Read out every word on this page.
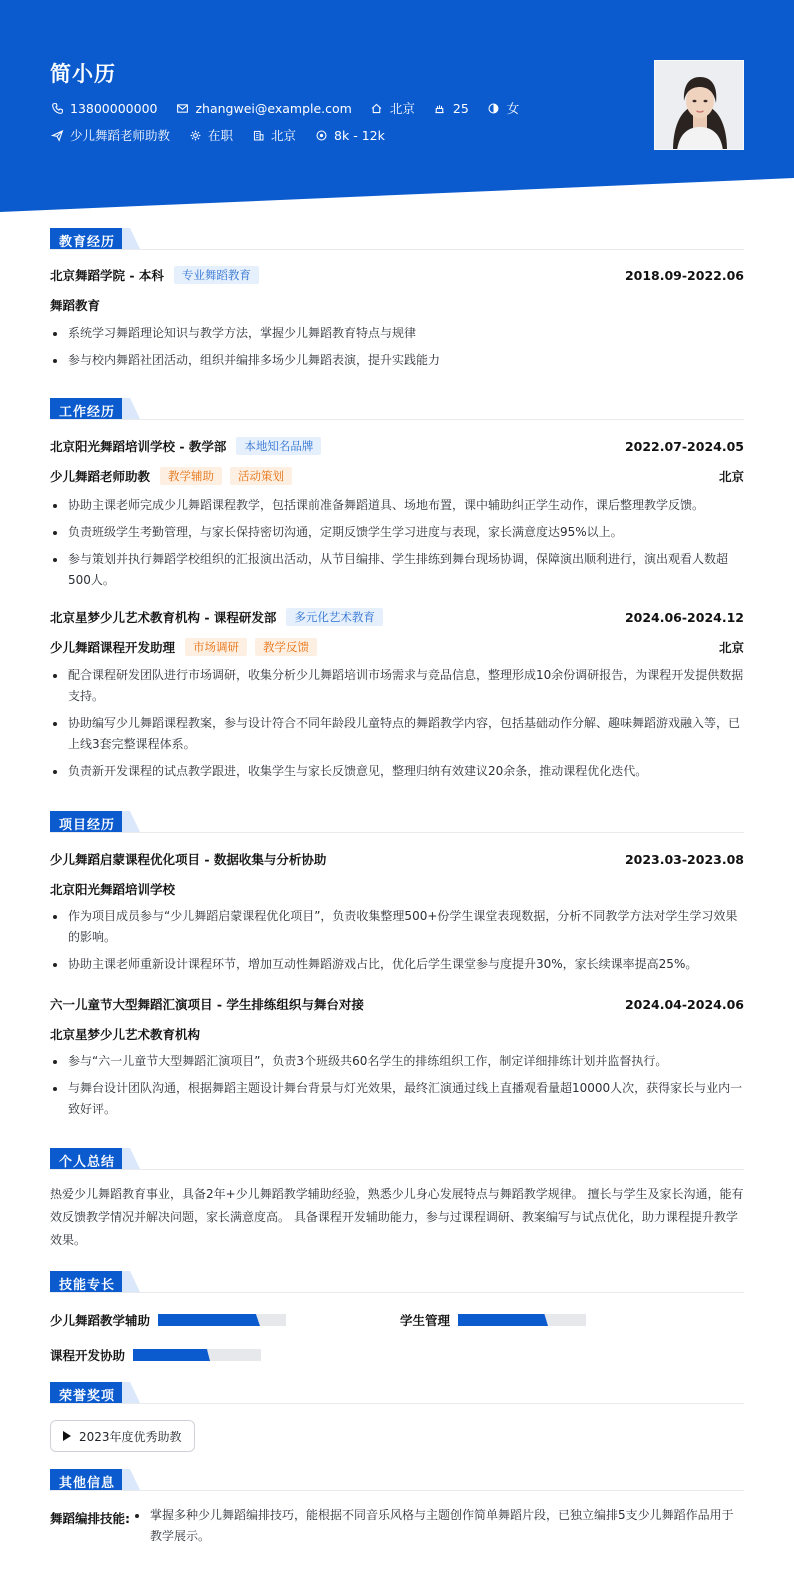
简小历
13800000000	zhangwei@example.com	北京	25	女
少儿舞蹈老师助教	在职	北京	8k - 12k
教育经历
北京舞蹈学院 - 本科	专业舞蹈教育	2018.09-2022.06
舞蹈教育
系统学习舞蹈理论知识与教学方法，掌握少儿舞蹈教育特点与规律
参与校内舞蹈社团活动，组织并编排多场少儿舞蹈表演，提升实践能力
工作经历
北京阳光舞蹈培训学校 - 教学部	本地知名品牌	2022.07-2024.05
少儿舞蹈老师助教	教学辅助	活动策划	北京
协助主课老师完成少儿舞蹈课程教学，包括课前准备舞蹈道具、场地布置，课中辅助纠正学生动作，课后整理教学反馈。
负责班级学生考勤管理，与家长保持密切沟通，定期反馈学生学习进度与表现，家长满意度达95%以上。
参与策划并执行舞蹈学校组织的汇报演出活动，从节目编排、学生排练到舞台现场协调，保障演出顺利进行，演出观看人数超500人。
北京星梦少儿艺术教育机构 - 课程研发部	多元化艺术教育	2024.06-2024.12
少儿舞蹈课程开发助理	市场调研	教学反馈	北京
配合课程研发团队进行市场调研，收集分析少儿舞蹈培训市场需求与竞品信息，整理形成10余份调研报告，为课程开发提供数据支持。
协助编写少儿舞蹈课程教案，参与设计符合不同年龄段儿童特点的舞蹈教学内容，包括基础动作分解、趣味舞蹈游戏融入等，已上线3套完整课程体系。
负责新开发课程的试点教学跟进，收集学生与家长反馈意见，整理归纳有效建议20余条，推动课程优化迭代。
项目经历
少儿舞蹈启蒙课程优化项目 - 数据收集与分析协助	2023.03-2023.08
北京阳光舞蹈培训学校
作为项目成员参与“少儿舞蹈启蒙课程优化项目”，负责收集整理500+份学生课堂表现数据，分析不同教学方法对学生学习效果的影响。
协助主课老师重新设计课程环节，增加互动性舞蹈游戏占比，优化后学生课堂参与度提升30%，家长续课率提高25%。
六一儿童节大型舞蹈汇演项目 - 学生排练组织与舞台对接	2024.04-2024.06
北京星梦少儿艺术教育机构
参与“六一儿童节大型舞蹈汇演项目”，负责3个班级共60名学生的排练组织工作，制定详细排练计划并监督执行。
与舞台设计团队沟通，根据舞蹈主题设计舞台背景与灯光效果，最终汇演通过线上直播观看量超10000人次，获得家长与业内一致好评。
个人总结
热爱少儿舞蹈教育事业，具备2年+少儿舞蹈教学辅助经验，熟悉少儿身心发展特点与舞蹈教学规律。 擅长与学生及家长沟通，能有效反馈教学情况并解决问题，家长满意度高。 具备课程开发辅助能力，参与过课程调研、教案编写与试点优化，助力课程提升教学效果。
技能专长
少儿舞蹈教学辅助	学生管理
课程开发协助
荣誉奖项
2023年度优秀助教
其他信息
舞蹈编排技能:	掌握多种少儿舞蹈编排技巧，能根据不同音乐风格与主题创作简单舞蹈片段，已独立编排5支少儿舞蹈作品用于教学展示。
